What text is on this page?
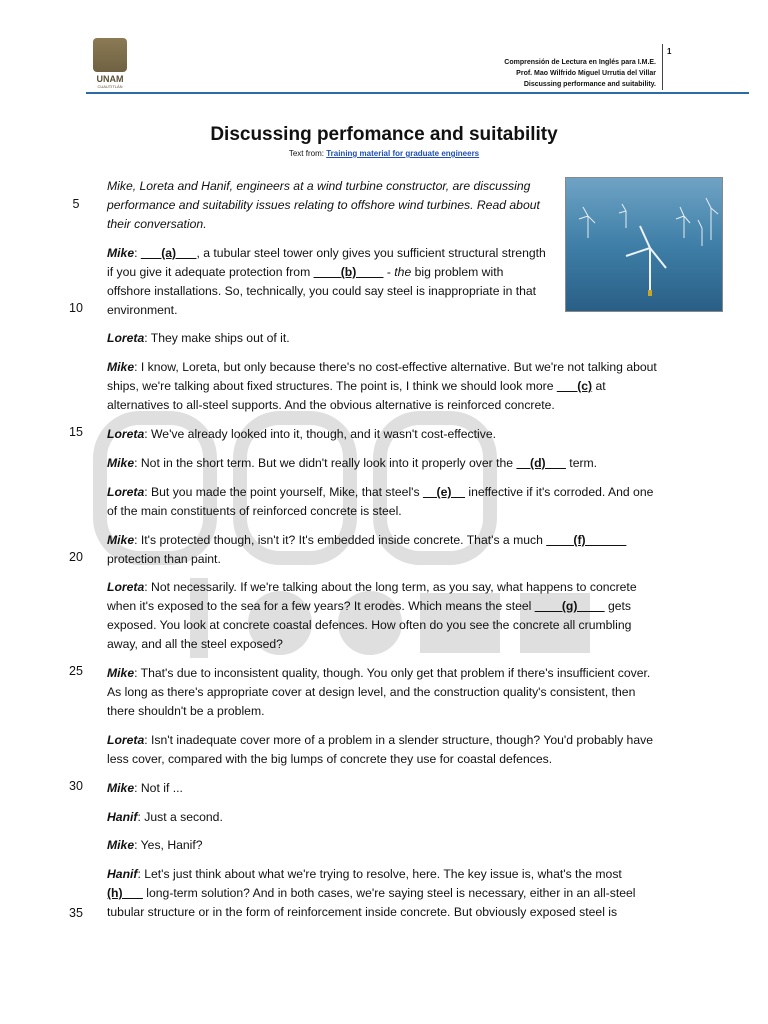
UNAM
CUAUTITLÁN
Comprensión de Lectura en Inglés para I.M.E.
Prof. Mao Wilfrido Miguel Urrutia del Villar
Discussing performance and suitability.
1
Discussing perfomance and suitability
Text from: Training material for graduate engineers
5
10
15
20
25
30
35
Mike, Loreta and Hanif, engineers at a wind turbine constructor, are discussing performance and suitability issues relating to offshore wind turbines. Read about their conversation.
Mike: ___(a)___, a tubular steel tower only gives you sufficient structural strength if you give it adequate protection from ____(b)____ - the big problem with offshore installations. So, technically, you could say steel is inappropriate in that environment.
Loreta: They make ships out of it.
Mike: I know, Loreta, but only because there's no cost-effective alternative. But we're not talking about ships, we're talking about fixed structures. The point is, I think we should look more ___(c) at alternatives to all-steel supports. And the obvious alternative is reinforced concrete.
Loreta: We've already looked into it, though, and it wasn't cost-effective.
Mike: Not in the short term. But we didn't really look into it properly over the __(d)___ term.
Loreta: But you made the point yourself, Mike, that steel's __(e)__ ineffective if it's corroded. And one of the main constituents of reinforced concrete is steel.
Mike: It's protected though, isn't it? It's embedded inside concrete. That's a much ____(f)______ protection than paint.
Loreta: Not necessarily. If we're talking about the long term, as you say, what happens to concrete when it's exposed to the sea for a few years? It erodes. Which means the steel ____(g)____ gets exposed. You look at concrete coastal defences. How often do you see the concrete all crumbling away, and all the steel exposed?
Mike: That's due to inconsistent quality, though. You only get that problem if there's insufficient cover. As long as there's appropriate cover at design level, and the construction quality's consistent, then there shouldn't be a problem.
Loreta: Isn't inadequate cover more of a problem in a slender structure, though? You'd probably have less cover, compared with the big lumps of concrete they use for coastal defences.
Mike: Not if ...
Hanif: Just a second.
Mike: Yes, Hanif?
Hanif: Let's just think about what we're trying to resolve, here. The key issue is, what's the most (h)___ long-term solution? And in both cases, we're saying steel is necessary, either in an all-steel tubular structure or in the form of reinforcement inside concrete. But obviously exposed steel is
